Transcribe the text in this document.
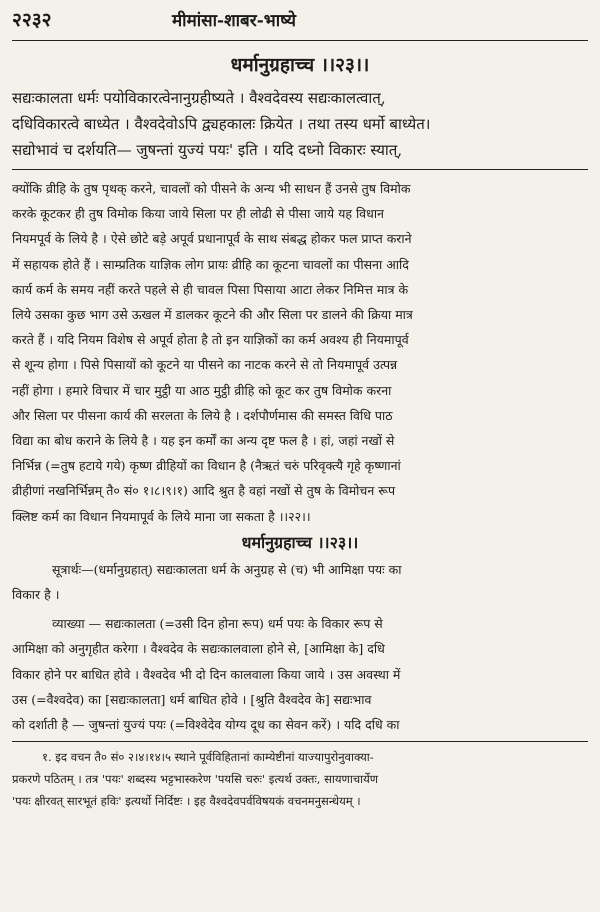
२२३२	मीमांसा-शाबर-भाष्ये
धर्मानुग्रहाच्च ।।२३।।

सद्यःकालता धर्मः पयोविकारत्वेनानुग्रहीष्यते । वैश्वदेवस्य सद्यःकालत्वात्,

दधिविकारत्वे बाध्येत । वैश्वदेवोऽपि द्व्यहकालः क्रियेत । तथा तस्य धर्मो बाध्येत।

सद्योभावं च दर्शयति— जुषन्तां युज्यं पयः' इति । यदि दध्नो विकारः स्यात्,

क्योंकि व्रीहि के तुष पृथक् करने, चावलों को पीसने के अन्य भी साधन हैं उनसे तुष विमोक

करके कूटकर ही तुष विमोक किया जाये सिला पर ही लोढी से पीसा जाये यह विधान

नियमपूर्व के लिये है । ऐसे छोटे बड़े अपूर्व प्रधानापूर्व के साथ संबद्ध होकर फल प्राप्त कराने

में सहायक होते हैं । साम्प्रतिक याज्ञिक लोग प्रायः व्रीहि का कूटना चावलों का पीसना आदि

कार्य कर्म के समय नहीं करते पहले से ही चावल पिसा पिसाया आटा लेकर निमित्त मात्र के

लिये उसका कुछ भाग उसे ऊखल में डालकर कूटने की और सिला पर डालने की क्रिया मात्र

करते हैं । यदि नियम विशेष से अपूर्व होता है तो इन याज्ञिकों का कर्म अवश्य ही नियमापूर्व

से शून्य होगा । पिसे पिसायों को कूटने या पीसने का नाटक करने से तो नियमापूर्व उत्पन्न

नहीं होगा । हमारे विचार में चार मुट्ठी या आठ मुट्ठी व्रीहि को कूट कर तुष विमोक करना

और सिला पर पीसना कार्य की सरलता के लिये है । दर्शपौर्णमास की समस्त विधि पाठ

विद्या का बोध कराने के लिये है । यह इन कर्मों का अन्य दृष्ट फल है । हां, जहां नखों से

निर्भिन्न (=तुष हटाये गये) कृष्ण व्रीहियों का विधान है (नैऋतं चरुं परिवृक्त्यै गृहे कृष्णानां

व्रीहीणां नखनिर्भिन्नम् तै० सं० १।८।९।१) आदि श्रुत है वहां नखों से तुष के विमोचन रूप

क्लिष्ट कर्म का विधान नियमापूर्व के लिये माना जा सकता है ।।२२।।

धर्मानुग्रहाच्च ।।२३।।

सूत्रार्थः—(धर्मानुग्रहात्) सद्यःकालता धर्म के अनुग्रह से (च) भी आमिक्षा पयः का

विकार है ।

व्याख्या — सद्यःकालता (=उसी दिन होना रूप) धर्म पयः के विकार रूप से

आमिक्षा को अनुगृहीत करेगा । वैश्वदेव के सद्यःकालवाला होने से, [आमिक्षा के] दधि

विकार होने पर बाधित होवे । वैश्वदेव भी दो दिन कालवाला किया जाये । उस अवस्था में

उस (=वैश्वदेव) का [सद्यःकालता] धर्म बाधित होवे । [श्रुति वैश्वदेव के] सद्यःभाव

को दर्शाती है — जुषन्तां युज्यं पयः (=विश्वेदेव योग्य दूध का सेवन करें) । यदि दधि का

१. इद वचन तै० सं० २।४।१४।५ स्थाने पूर्वविहितानां काम्येष्टीनां याज्यापुरोनुवाक्या-

प्रकरणे पठितम् । तत्र 'पयः' शब्दस्य भट्टभास्करेण 'पयसि चरुः' इत्यर्थ उक्तः, सायणाचार्येण

'पयः क्षीरवत् सारभूतं हविः' इत्यर्थो निर्दिष्टः । इह वैश्वदेवपर्वविषयकं वचनमनुसन्धेयम् ।
